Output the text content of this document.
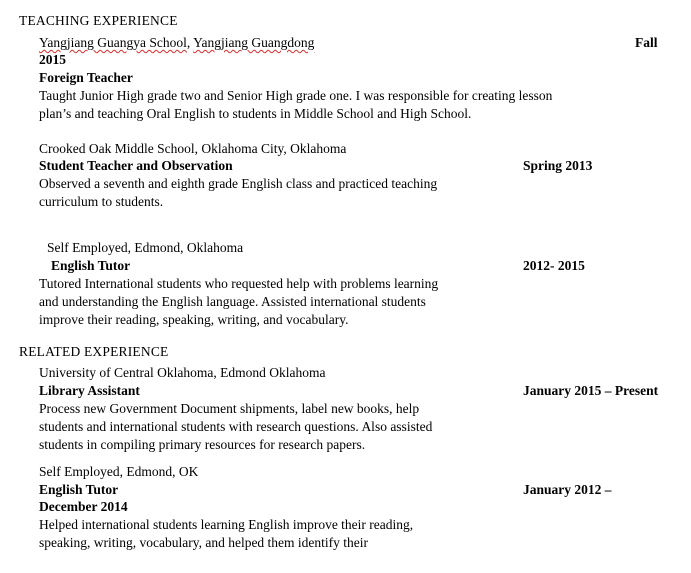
TEACHING EXPERIENCE
Yangjiang Guangya School, Yangjiang Guangdong	Fall
2015
Foreign Teacher
Taught Junior High grade two and Senior High grade one. I was responsible for creating lesson
plan’s and teaching Oral English to students in Middle School and High School.
Crooked Oak Middle School, Oklahoma City, Oklahoma
Student Teacher and Observation	Spring 2013
Observed a seventh and eighth grade English class and practiced teaching
curriculum to students.
Self Employed, Edmond, Oklahoma
English Tutor	2012- 2015
Tutored International students who requested help with problems learning
and understanding the English language. Assisted international students
improve their reading, speaking, writing, and vocabulary.
RELATED EXPERIENCE
University of Central Oklahoma, Edmond Oklahoma
Library Assistant	January 2015 – Present
Process new Government Document shipments, label new books, help
students and international students with research questions. Also assisted
students in compiling primary resources for research papers.
Self Employed, Edmond, OK
English Tutor	January 2012 –
December 2014
Helped international students learning English improve their reading,
speaking, writing, vocabulary, and helped them identify their
